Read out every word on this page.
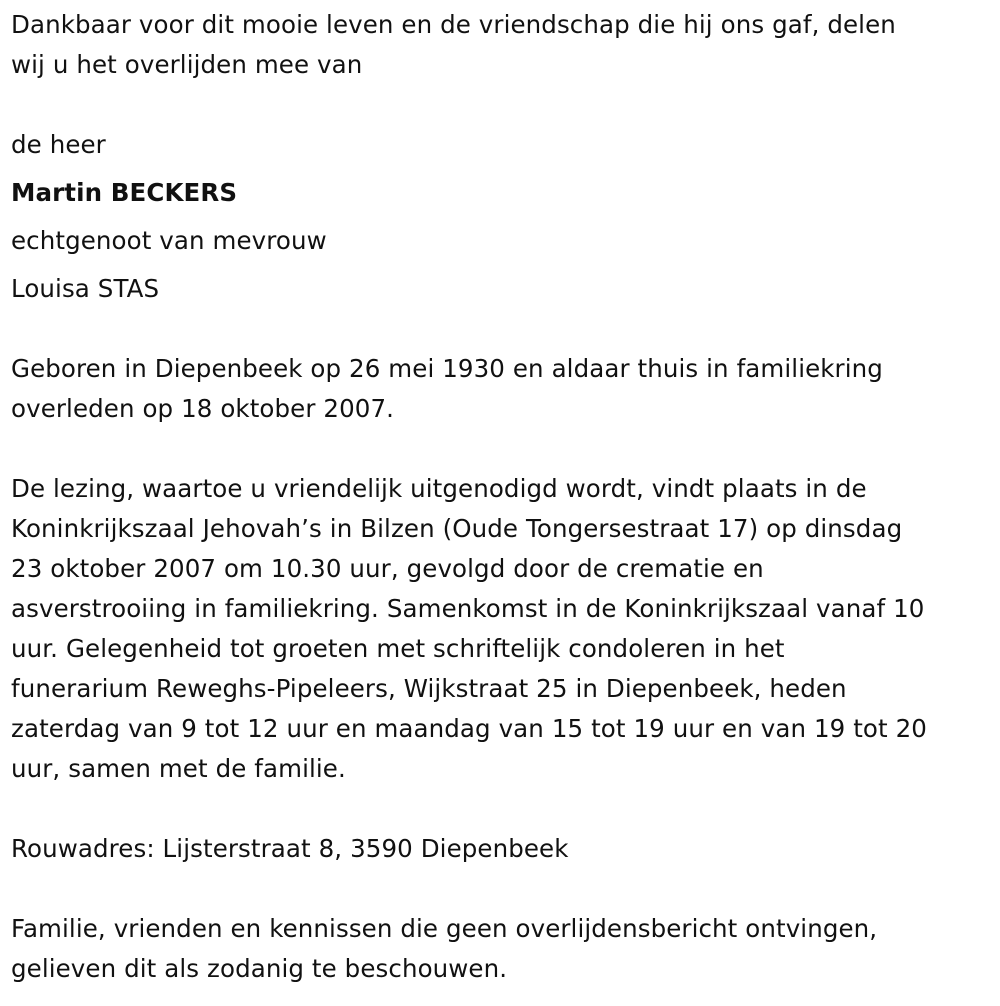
Dankbaar voor dit mooie leven en de vriendschap die hij ons gaf, delen
wij u het overlijden mee van
de heer
Martin BECKERS
echtgenoot van mevrouw
Louisa STAS
Geboren in Diepenbeek op 26 mei 1930 en aldaar thuis in familiekring
overleden op 18 oktober 2007.
De lezing, waartoe u vriendelijk uitgenodigd wordt, vindt plaats in de
Koninkrijkszaal Jehovah’s in Bilzen (Oude Tongersestraat 17) op dinsdag
23 oktober 2007 om 10.30 uur, gevolgd door de crematie en
asverstrooiing in familiekring. Samenkomst in de Koninkrijkszaal vanaf 10
uur. Gelegenheid tot groeten met schriftelijk condoleren in het
funerarium Reweghs-Pipeleers, Wijkstraat 25 in Diepenbeek, heden
zaterdag van 9 tot 12 uur en maandag van 15 tot 19 uur en van 19 tot 20
uur, samen met de familie.
Rouwadres: Lijsterstraat 8, 3590 Diepenbeek
Familie, vrienden en kennissen die geen overlijdensbericht ontvingen,
gelieven dit als zodanig te beschouwen.
